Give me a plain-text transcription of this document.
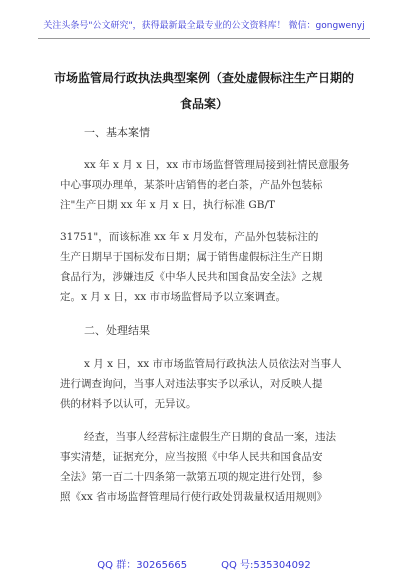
关注头条号"公文研究"，获得最新最全最专业的公文资料库！ 微信：gongwenyj
市场监管局行政执法典型案例（查处虚假标注生产日期的
食品案）
一、基本案情
xx 年 x 月 x 日，xx 市市场监督管理局接到社情民意服务
中心事项办理单，某茶叶店销售的老白茶，产品外包装标
注"生产日期 xx 年 x 月 x 日，执行标准 GB/T
31751"，而该标准 xx 年 x 月发布，产品外包装标注的
生产日期早于国标发布日期；属于销售虚假标注生产日期
食品行为，涉嫌违反《中华人民共和国食品安全法》之规
定。x 月 x 日，xx 市市场监督局予以立案调查。
二、处理结果
x 月 x 日，xx 市市场监管局行政执法人员依法对当事人
进行调查询问，当事人对违法事实予以承认，对反映人提
供的材料予以认可，无异议。
经查，当事人经营标注虚假生产日期的食品一案，违法
事实清楚，证据充分，应当按照《中华人民共和国食品安
全法》第一百二十四条第一款第五项的规定进行处罚，参
照《xx 省市场监督管理局行使行政处罚裁量权适用规则》
QQ 群：30265665	QQ 号:535304092
